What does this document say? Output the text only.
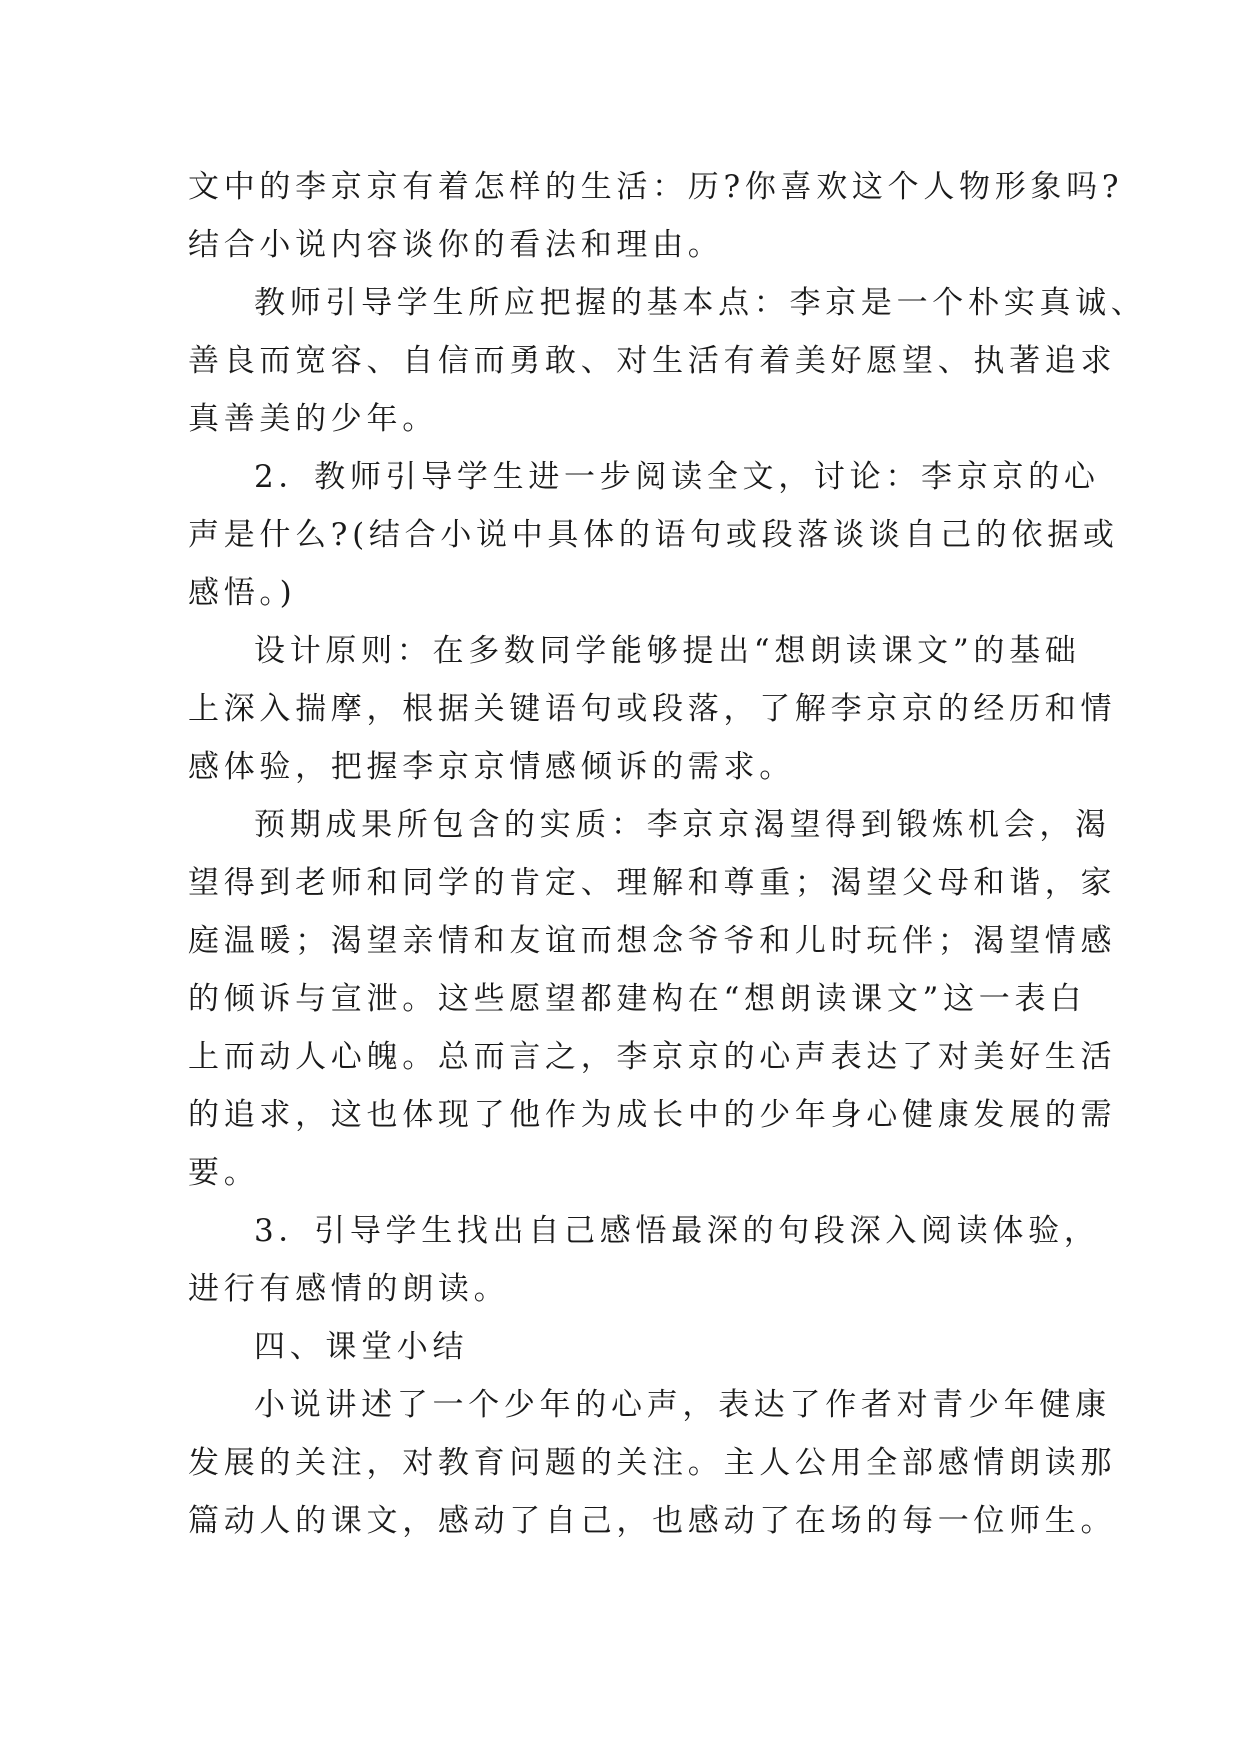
文中的李京京有着怎样的生活：历?你喜欢这个人物形象吗?
结合小说内容谈你的看法和理由。
教师引导学生所应把握的基本点：李京是一个朴实真诚、
善良而宽容、自信而勇敢、对生活有着美好愿望、执著追求
真善美的少年。
2．教师引导学生进一步阅读全文，讨论：李京京的心
声是什么?(结合小说中具体的语句或段落谈谈自己的依据或
感悟。)
设计原则：在多数同学能够提出“想朗读课文”的基础
上深入揣摩，根据关键语句或段落，了解李京京的经历和情
感体验，把握李京京情感倾诉的需求。
预期成果所包含的实质：李京京渴望得到锻炼机会，渴
望得到老师和同学的肯定、理解和尊重；渴望父母和谐，家
庭温暖；渴望亲情和友谊而想念爷爷和儿时玩伴；渴望情感
的倾诉与宣泄。这些愿望都建构在“想朗读课文”这一表白
上而动人心魄。总而言之，李京京的心声表达了对美好生活
的追求，这也体现了他作为成长中的少年身心健康发展的需
要。
3．引导学生找出自己感悟最深的句段深入阅读体验，
进行有感情的朗读。
四、课堂小结
小说讲述了一个少年的心声，表达了作者对青少年健康
发展的关注，对教育问题的关注。主人公用全部感情朗读那
篇动人的课文，感动了自己，也感动了在场的每一位师生。
